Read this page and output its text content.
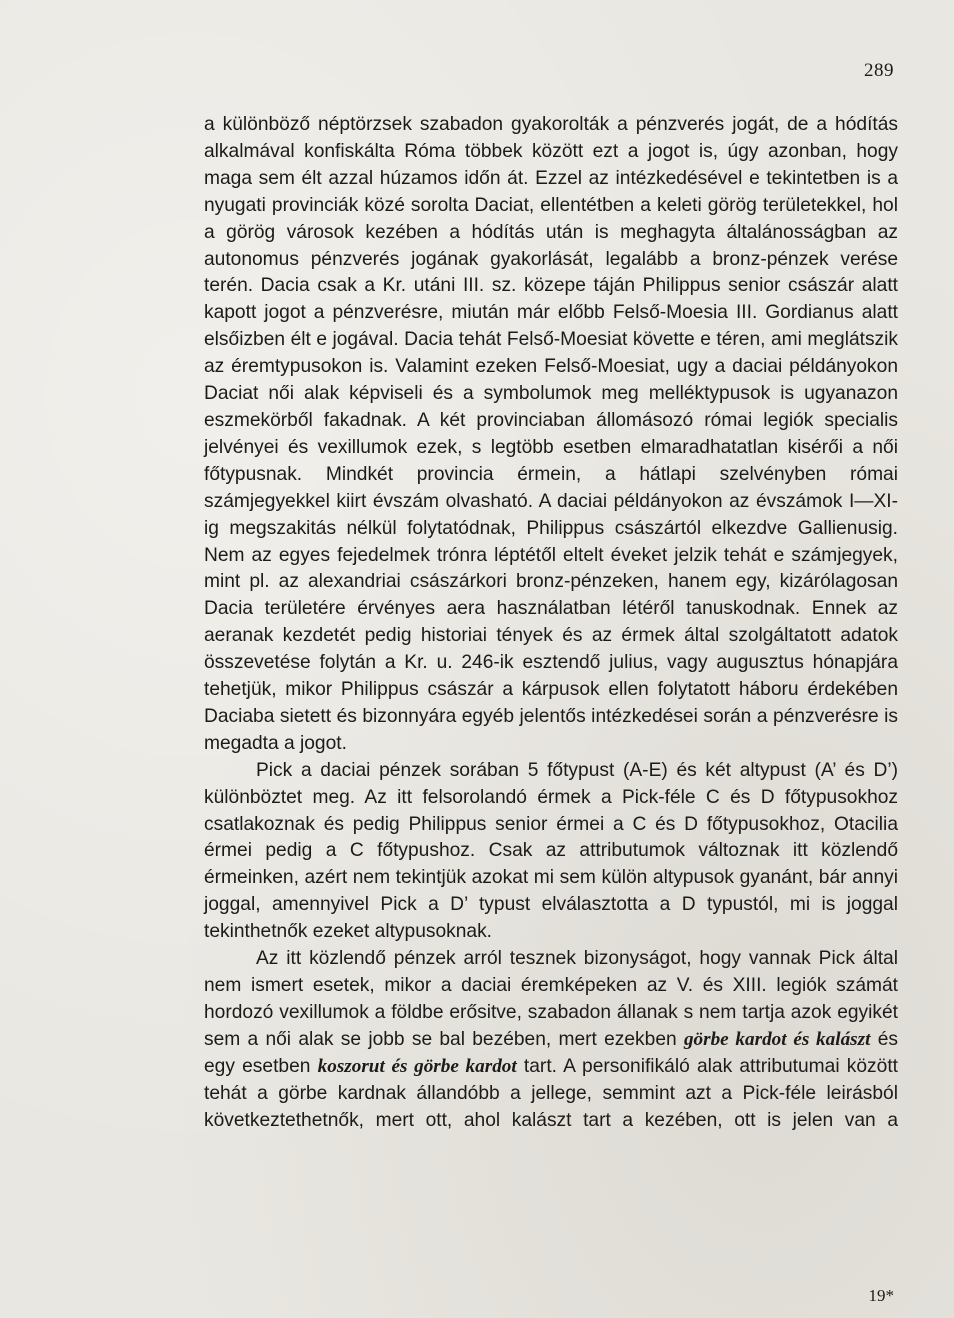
289

a különböző néptörzsek szabadon gyakorolták a pénzverés jogát, de a hódítás alkalmával konfiskálta Róma többek között ezt a jogot is, úgy azonban, hogy maga sem élt azzal húzamos időn át. Ezzel az intézkedésével e tekintetben is a nyugati provinciák közé sorolta Daciat, ellentétben a keleti görög területekkel, hol a görög városok kezében a hódítás után is meghagyta általánosságban az autonomus pénzverés jogának gyakorlását, legalább a bronz-pénzek verése terén. Dacia csak a Kr. utáni III. sz. közepe táján Philippus senior császár alatt kapott jogot a pénzverésre, miután már előbb Felső-Moesia III. Gordianus alatt elsőizben élt e jogával. Dacia tehát Felső-Moesiat követte e téren, ami meglátszik az éremtypusokon is. Valamint ezeken Felső-Moesiat, ugy a daciai példányokon Daciat női alak képviseli és a symbolumok meg melléktypusok is ugyanazon eszmekörből fakadnak. A két provinciaban állomásozó római legiók specialis jelvényei és vexillumok ezek, s legtöbb esetben elmaradhatatlan kisérői a női főtypusnak. Mindkét provincia érmein, a hátlapi szelvényben római számjegyekkel kiirt évszám olvasható. A daciai példányokon az évszámok I—XI-ig megszakitás nélkül folytatódnak, Philippus császártól elkezdve Gallienusig. Nem az egyes fejedelmek trónra léptétől eltelt éveket jelzik tehát e számjegyek, mint pl. az alexandriai császárkori bronz-pénzeken, hanem egy, kizárólagosan Dacia területére érvényes aera használatban létéről tanuskodnak. Ennek az aeranak kezdetét pedig historiai tények és az érmek által szolgáltatott adatok összevetése folytán a Kr. u. 246-ik esztendő julius, vagy augusztus hónapjára tehetjük, mikor Philippus császár a kárpusok ellen folytatott háboru érdekében Daciaba sietett és bizonnyára egyéb jelentős intézkedései során a pénzverésre is megadta a jogot.

Pick a daciai pénzek sorában 5 főtypust (A-E) és két altypust (A’ és D’) különböztet meg. Az itt felsorolandó érmek a Pick-féle C és D főtypusokhoz csatlakoznak és pedig Philippus senior érmei a C és D főtypusokhoz, Otacilia érmei pedig a C főtypushoz. Csak az attributumok változnak itt közlendő érmeinken, azért nem tekintjük azokat mi sem külön altypusok gyanánt, bár annyi joggal, amennyivel Pick a D’ typust elválasztotta a D typustól, mi is joggal tekinthetnők ezeket altypusoknak.

Az itt közlendő pénzek arról tesznek bizonyságot, hogy vannak Pick által nem ismert esetek, mikor a daciai éremképeken az V. és XIII. legiók számát hordozó vexillumok a földbe erősitve, szabadon állanak s nem tartja azok egyikét sem a női alak se jobb se bal bezében, mert ezekben görbe kardot és kalászt és egy esetben koszorut és görbe kardot tart. A personifikáló alak attributumai között tehát a görbe kardnak állandóbb a jellege, semmint azt a Pick-féle leirásból következtethetnők, mert ott, ahol kalászt tart a kezében, ott is jelen van a

19*
